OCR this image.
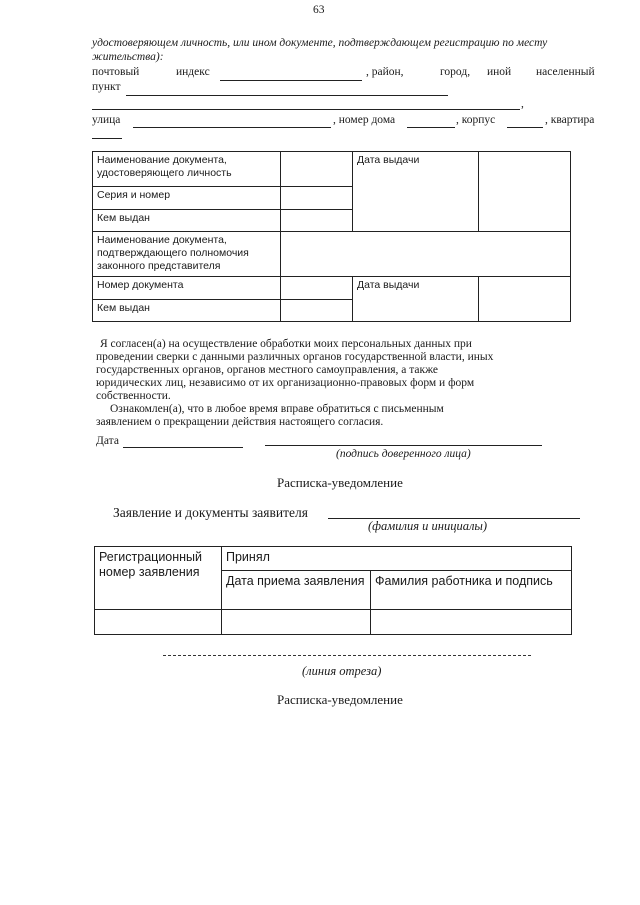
63
удостоверяющем личность, или ином документе, подтверждающем регистрацию по месту
жительства):
почтовый	индекс	, район,	город, иной населенный
пункт
,
улица	, номер дома	, корпус	, квартира
Наименование документа, удостоверяющего личность		Дата выдачи	
Серия и номер			
Кем выдан			
Наименование документа, подтверждающего полномочия законного представителя			
Номер документа		Дата выдачи	
Кем выдан			
Я согласен(а) на осуществление обработки моих персональных данных при
проведении сверки с данными различных органов государственной власти, иных
государственных органов, органов местного самоуправления, а также
юридических лиц, независимо от их организационно-правовых форм и форм
собственности.
Ознакомлен(а), что в любое время вправе обратиться с письменным
заявлением о прекращении действия настоящего согласия.
Дата
(подпись доверенного лица)
Расписка-уведомление
Заявление и документы заявителя
(фамилия и инициалы)
Регистрационный номер заявления	Принял	
	Дата приема заявления	Фамилия работника и подпись

(линия отреза)
Расписка-уведомление
